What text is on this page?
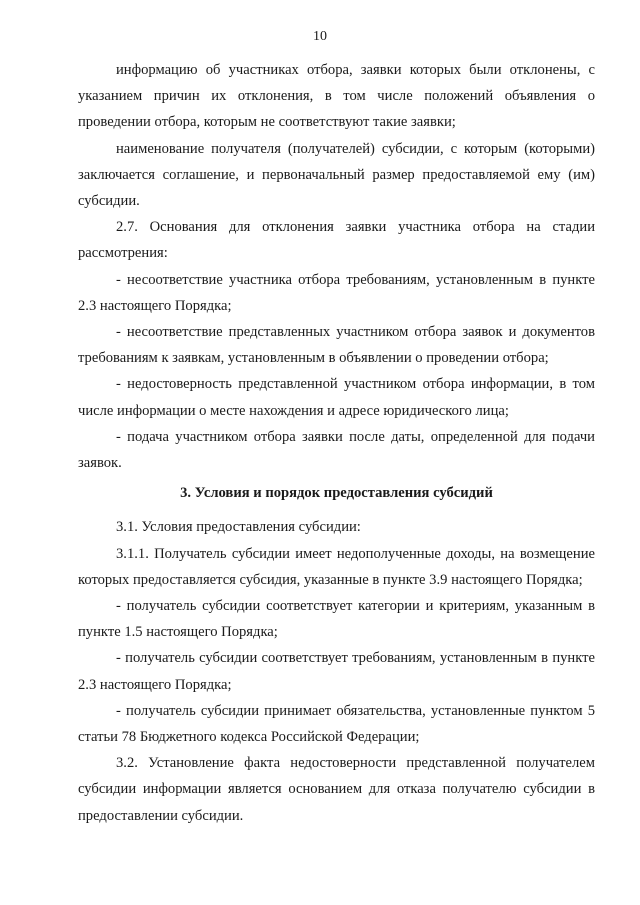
10

информацию об участниках отбора, заявки которых были отклонены, с указанием причин их отклонения, в том числе положений объявления о проведении отбора, которым не соответствуют такие заявки;

наименование получателя (получателей) субсидии, с которым (которыми) заключается соглашение, и первоначальный размер предоставляемой ему (им) субсидии.

2.7. Основания для отклонения заявки участника отбора на стадии рассмотрения:

- несоответствие участника отбора требованиям, установленным в пункте 2.3 настоящего Порядка;

- несоответствие представленных участником отбора заявок и документов требованиям к заявкам, установленным в объявлении о проведении отбора;

- недостоверность представленной участником отбора информации, в том числе информации о месте нахождения и адресе юридического лица;

- подача участником отбора заявки после даты, определенной для подачи заявок.

3. Условия и порядок предоставления субсидий

3.1. Условия предоставления субсидии:

3.1.1. Получатель субсидии имеет недополученные доходы, на возмещение которых предоставляется субсидия, указанные в пункте 3.9 настоящего Порядка;

- получатель субсидии соответствует категории и критериям, указанным в пункте 1.5 настоящего Порядка;

- получатель субсидии соответствует требованиям, установленным в пункте 2.3 настоящего Порядка;

- получатель субсидии принимает обязательства, установленные пунктом 5 статьи 78 Бюджетного кодекса Российской Федерации;

3.2. Установление факта недостоверности представленной получателем субсидии информации является основанием для отказа получателю субсидии в предоставлении субсидии.
